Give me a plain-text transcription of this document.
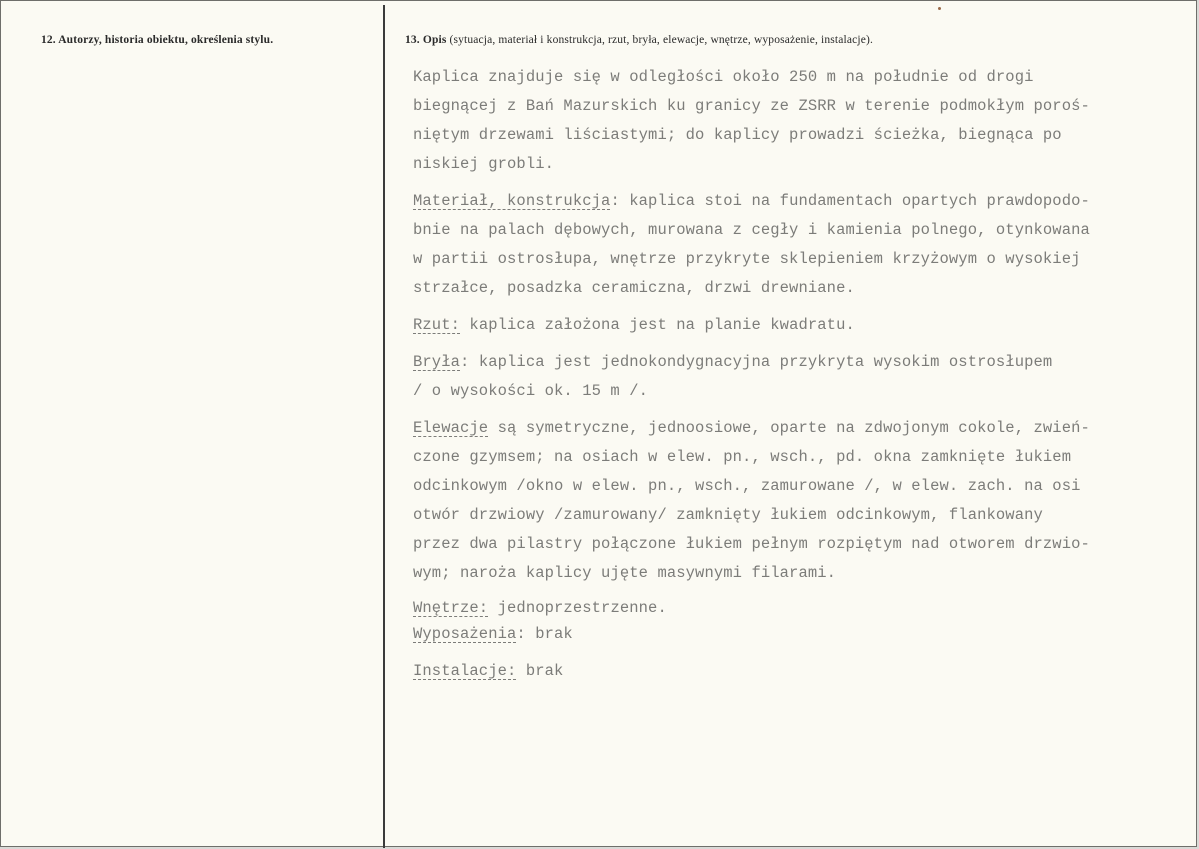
12. Autorzy, historia obiektu, określenia stylu.	13. Opis (sytuacja, materiał i konstrukcja, rzut, bryła, elewacje, wnętrze, wyposażenie, instalacje).

Kaplica znajduje się w odległości około 250 m na południe od drogi
biegnącej z Bań Mazurskich ku granicy ze ZSRR w terenie podmokłym poroś-
niętym drzewami liściastymi; do kaplicy prowadzi ścieżka, biegnąca po
niskiej grobli.

Materiał, konstrukcja: kaplica stoi na fundamentach opartych prawdopodo-
bnie na palach dębowych, murowana z cegły i kamienia polnego, otynkowana
w partii ostrosłupa, wnętrze przykryte sklepieniem krzyżowym o wysokiej
strzałce, posadzka ceramiczna, drzwi drewniane.

Rzut: kaplica założona jest na planie kwadratu.

Bryła: kaplica jest jednokondygnacyjna przykryta wysokim ostrosłupem
/ o wysokości ok. 15 m /.

Elewacje są symetryczne, jednoosiowe, oparte na zdwojonym cokole, zwień-
czone gzymsem; na osiach w elew. pn., wsch., pd. okna zamknięte łukiem
odcinkowym /okno w elew. pn., wsch., zamurowane /, w elew. zach. na osi
otwór drzwiowy /zamurowany/ zamknięty łukiem odcinkowym, flankowany
przez dwa pilastry połączone łukiem pełnym rozpiętym nad otworem drzwio-
wym; naroża kaplicy ujęte masywnymi filarami.

Wnętrze: jednoprzestrzenne.

Wyposażenia: brak

Instalacje: brak
